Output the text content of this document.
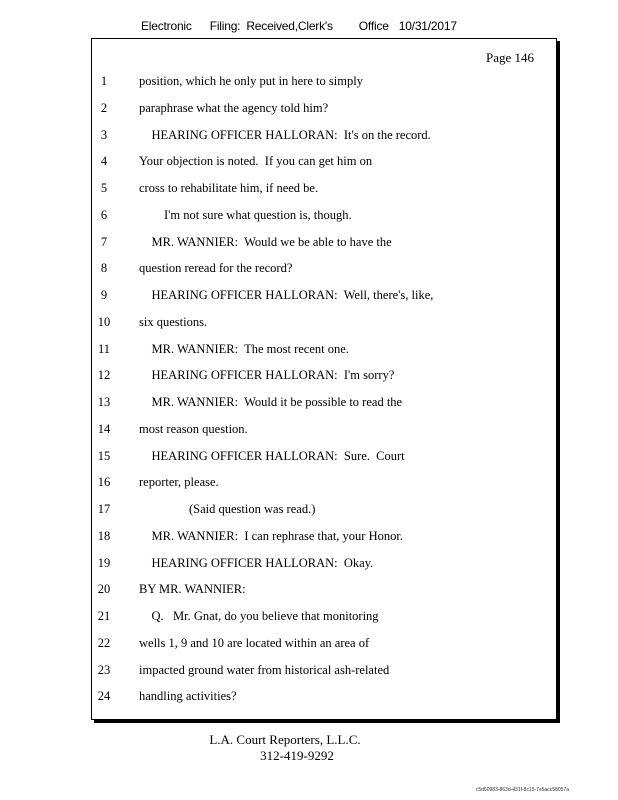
Electronic Filing: Received,Clerk's Office 10/31/2017
Page 146
1	position, which he only put in here to simply
2	paraphrase what the agency told him?
3	HEARING OFFICER HALLORAN:  It's on the record.
4	Your objection is noted.  If you can get him on
5	cross to rehabilitate him, if need be.
6	I'm not sure what question is, though.
7	MR. WANNIER:  Would we be able to have the
8	question reread for the record?
9	HEARING OFFICER HALLORAN:  Well, there's, like,
10	six questions.
11	MR. WANNIER:  The most recent one.
12	HEARING OFFICER HALLORAN:  I'm sorry?
13	MR. WANNIER:  Would it be possible to read the
14	most reason question.
15	HEARING OFFICER HALLORAN:  Sure.  Court
16	reporter, please.
17	(Said question was read.)
18	MR. WANNIER:  I can rephrase that, your Honor.
19	HEARING OFFICER HALLORAN:  Okay.
20	BY MR. WANNIER:
21	Q.   Mr. Gnat, do you believe that monitoring
22	wells 1, 9 and 10 are located within an area of
23	impacted ground water from historical ash-related
24	handling activities?
L.A. Court Reporters, L.L.C.
312-419-9292
c5d60983-863d-431f-8c15-7e5acc58057a
